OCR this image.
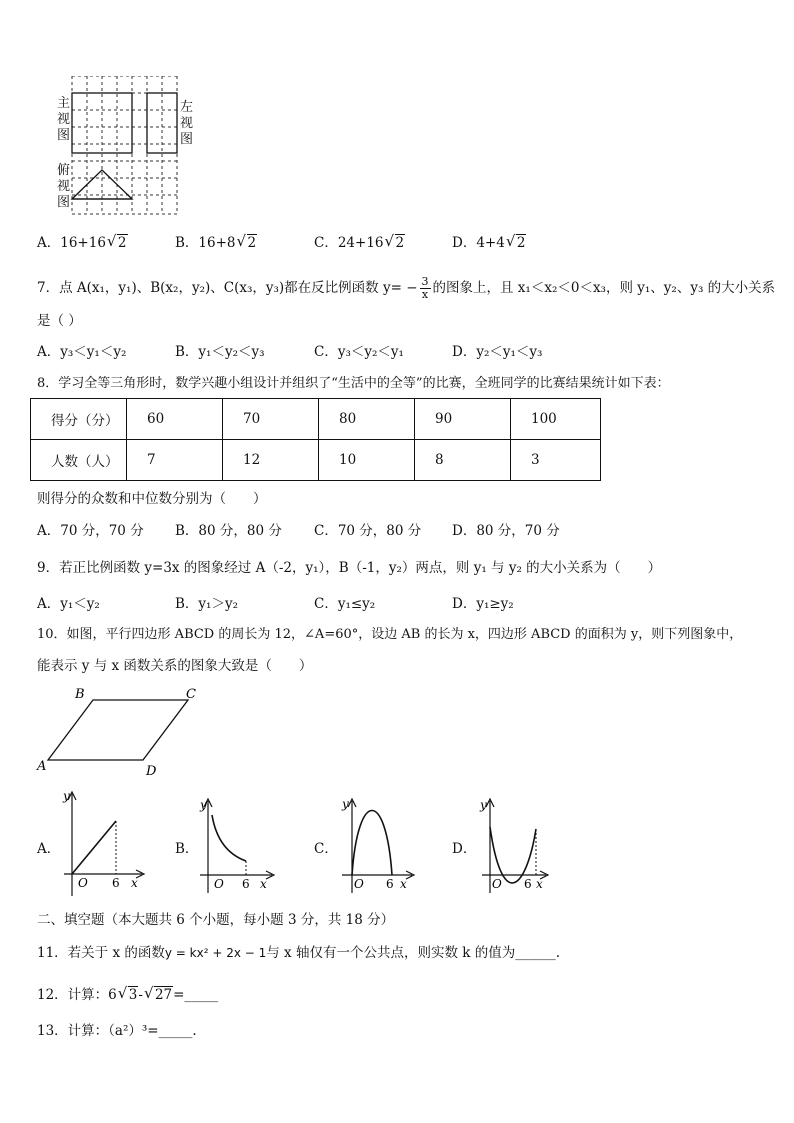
主
视
图
左
视
图
俯
视
图
A．16+16 √ 2	B．16+8 √ 2	C．24+16 √ 2	D．4+4 √ 2
7．点 A(x₁，y₁)、B(x₂，y₂)、C(x₃，y₃)都在反比例函数 $y= - \frac{3}{x}$ 的图象上，且 x₁＜x₂＜0＜x₃，则 y₁、y₂、y₃ 的大小关系
是（ ）
A．y₃＜y₁＜y₂	B．y₁＜y₂＜y₃	C．y₃＜y₂＜y₁	D．y₂＜y₁＜y₃
8．学习全等三角形时，数学兴趣小组设计并组织了“生活中的全等”的比赛，全班同学的比赛结果统计如下表：
得分（分）	60	70	80	90	100
人数（人）	7	12	10	8	3
则得分的众数和中位数分别为（　　）
A．70 分，70 分 B．80 分，80 分 C．70 分，80 分 D．80 分，70 分
9．若正比例函数 y=3x 的图象经过 A（-2，y₁），B（-1，y₂）两点，则 y₁ 与 y₂ 的大小关系为（　　）
A．y₁＜y₂	B．y₁＞y₂	C．y₁≤y₂	D．y₁≥y₂
10．如图，平行四边形 ABCD 的周长为 12，∠A=60°，设边 AB 的长为 x，四边形 ABCD 的面积为 y，则下列图象中，
能表示 y 与 x 函数关系的图象大致是（　　）
B	C
A	D
A．
y
O 6 x
B．
y
O 6 x
C．
y
O 6 x
D．
y
O 6 x
二、填空题（本大题共 6 个小题，每小题 3 分，共 18 分）
11．若关于 x 的函数y = kx² + 2x − 1与 x 轴仅有一个公共点，则实数 k 的值为______.
12．计算：6 √ 3- √ 27=_____
13．计算：（a²）³=_____.
